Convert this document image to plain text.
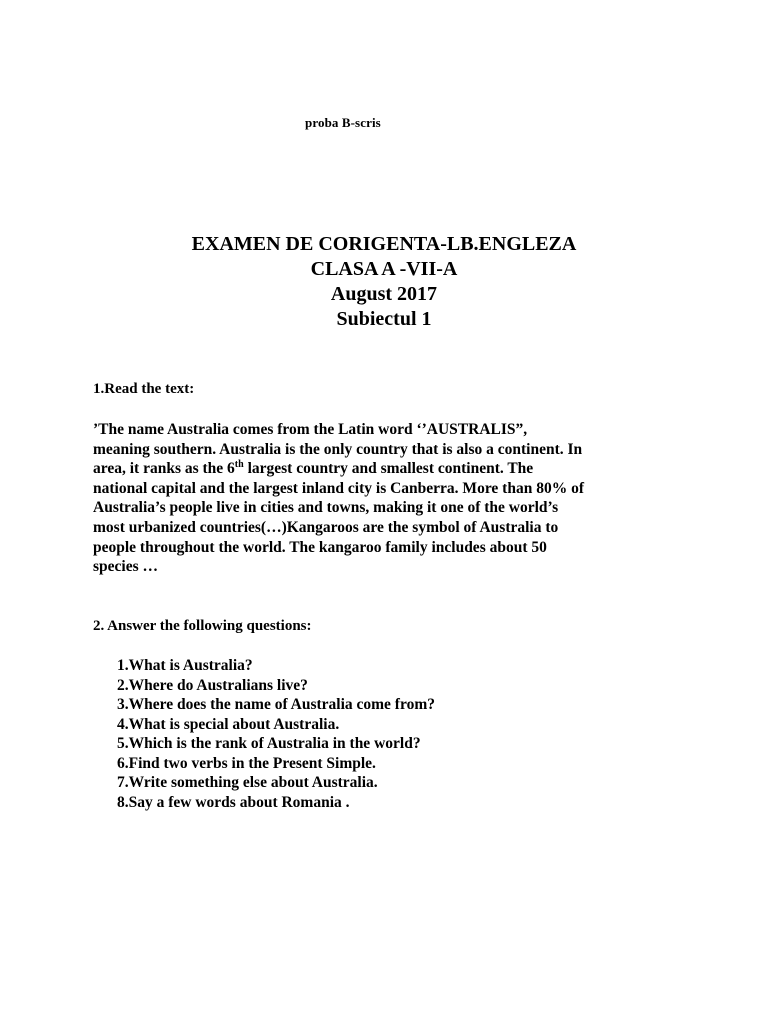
proba B-scris
EXAMEN DE CORIGENTA-LB.ENGLEZA
CLASA A -VII-A
August 2017
Subiectul 1
1.Read the text:
’The name Australia comes from the Latin word ‘’AUSTRALIS”,
meaning southern. Australia is the only country that is also a continent. In
area, it ranks as the 6th largest country and smallest continent. The
national capital and the largest inland city is Canberra. More than 80% of
Australia’s people live in cities and towns, making it one of the world’s
most urbanized countries(…)Kangaroos are the symbol of Australia to
people throughout the world. The kangaroo family includes about 50
species …
2. Answer the following questions:
1.What is Australia?
2.Where do Australians live?
3.Where does the name of Australia come from?
4.What is special about Australia.
5.Which is the rank of Australia in the world?
6.Find two verbs in the Present Simple.
7.Write something else about Australia.
8.Say a few words about Romania .
